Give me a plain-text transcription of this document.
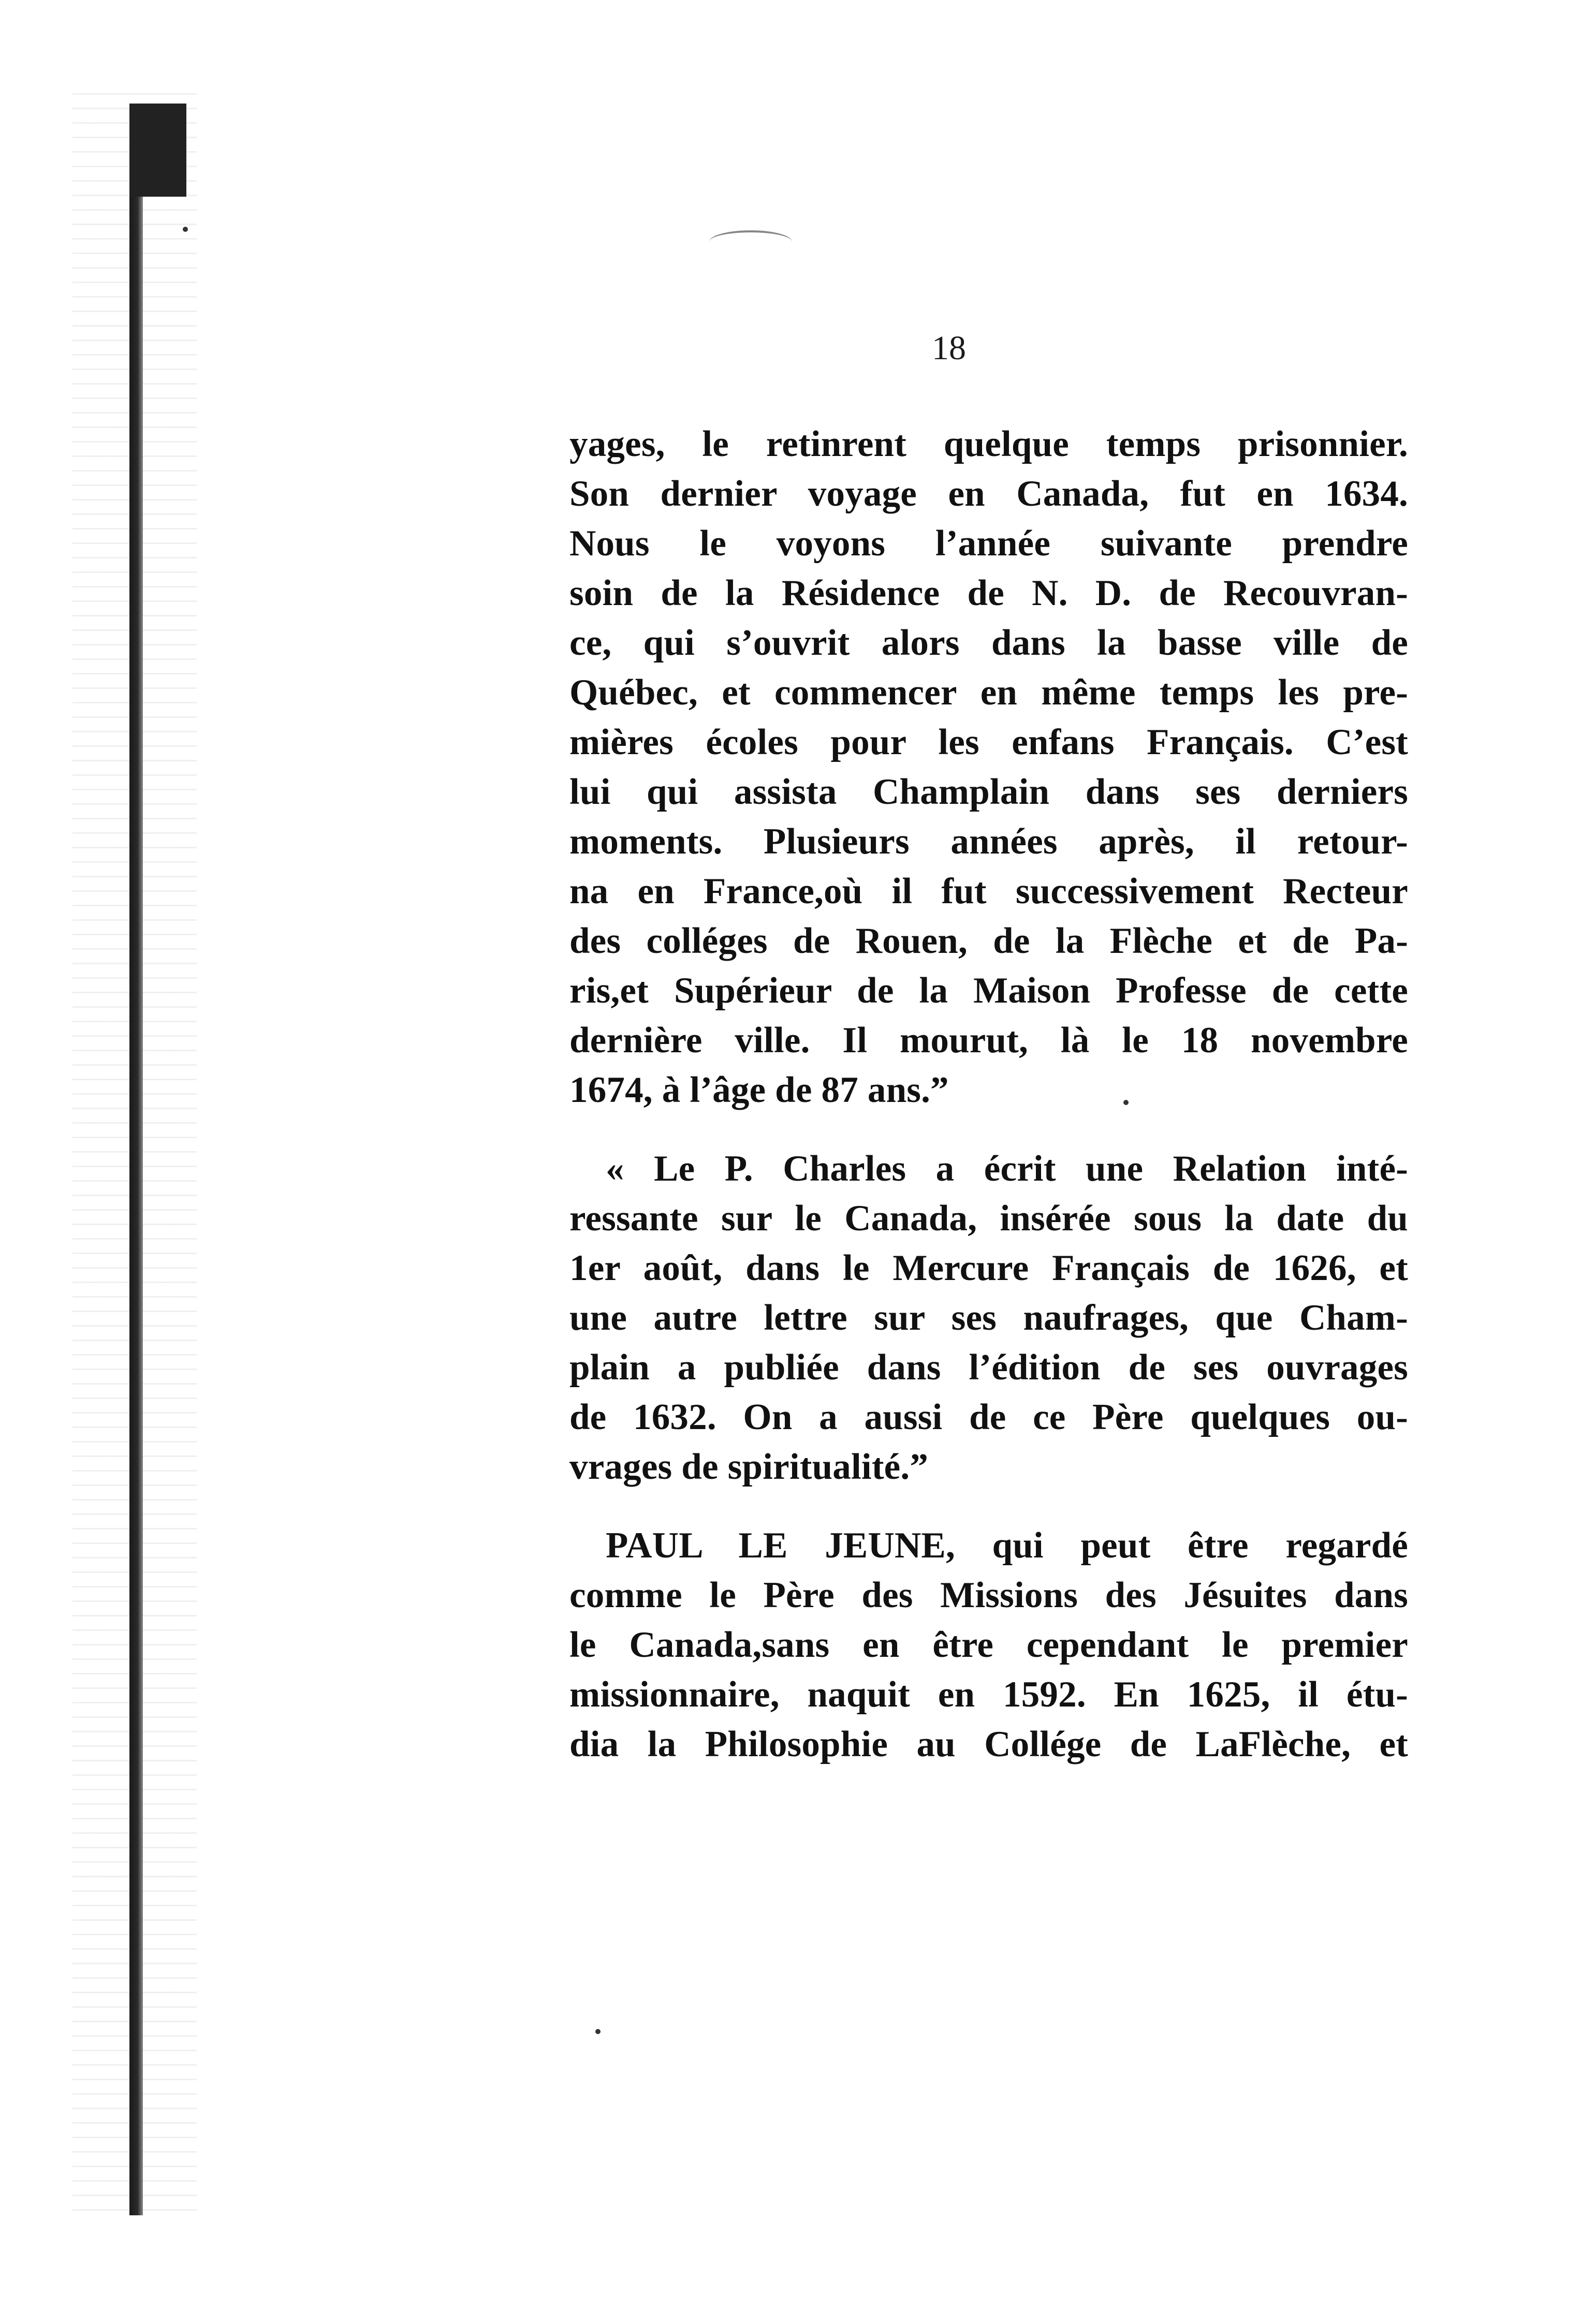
18
yages, le retinrent quelque temps prisonnier.
Son dernier voyage en Canada, fut en 1634.
Nous le voyons l’année suivante prendre
soin de la Résidence de N. D. de Recouvran-
ce, qui s’ouvrit alors dans la basse ville de
Québec, et commencer en même temps les pre-
mières écoles pour les enfans Français. C’est
lui qui assista Champlain dans ses derniers
moments. Plusieurs années après, il retour-
na en France,où il fut successivement Recteur
des colléges de Rouen, de la Flèche et de Pa-
ris,et Supérieur de la Maison Professe de cette
dernière ville. Il mourut, là le 18 novembre
1674, à l’âge de 87 ans.”
« Le P. Charles a écrit une Relation inté-
ressante sur le Canada, insérée sous la date du
1er août, dans le Mercure Français de 1626, et
une autre lettre sur ses naufrages, que Cham-
plain a publiée dans l’édition de ses ouvrages
de 1632. On a aussi de ce Père quelques ou-
vrages de spiritualité.”
PAUL LE JEUNE, qui peut être regardé
comme le Père des Missions des Jésuites dans
le Canada,sans en être cependant le premier
missionnaire, naquit en 1592. En 1625, il étu-
dia la Philosophie au Collége de LaFlèche, et
